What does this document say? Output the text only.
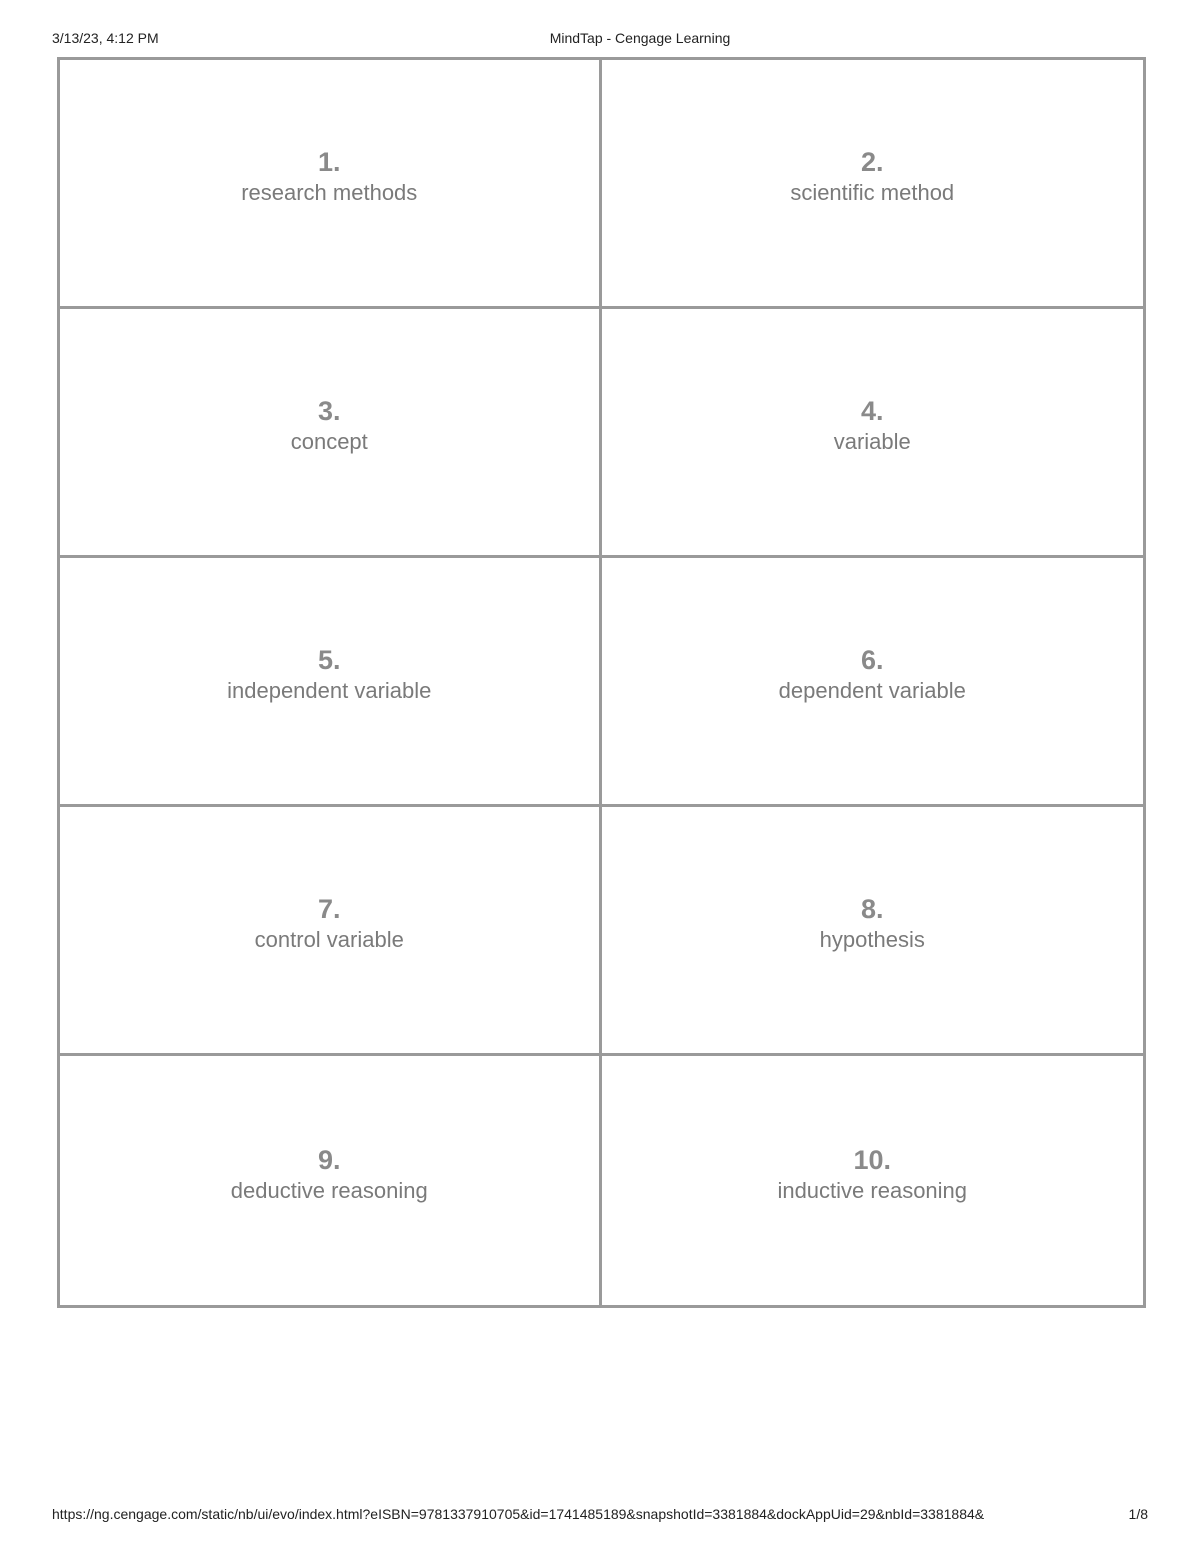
3/13/23, 4:12 PM	MindTap - Cengage Learning
1.
research methods
2.
scientific method
3.
concept
4.
variable
5.
independent variable
6.
dependent variable
7.
control variable
8.
hypothesis
9.
deductive reasoning
10.
inductive reasoning
https://ng.cengage.com/static/nb/ui/evo/index.html?eISBN=9781337910705&id=1741485189&snapshotId=3381884&dockAppUid=29&nbId=3381884&	1/8
